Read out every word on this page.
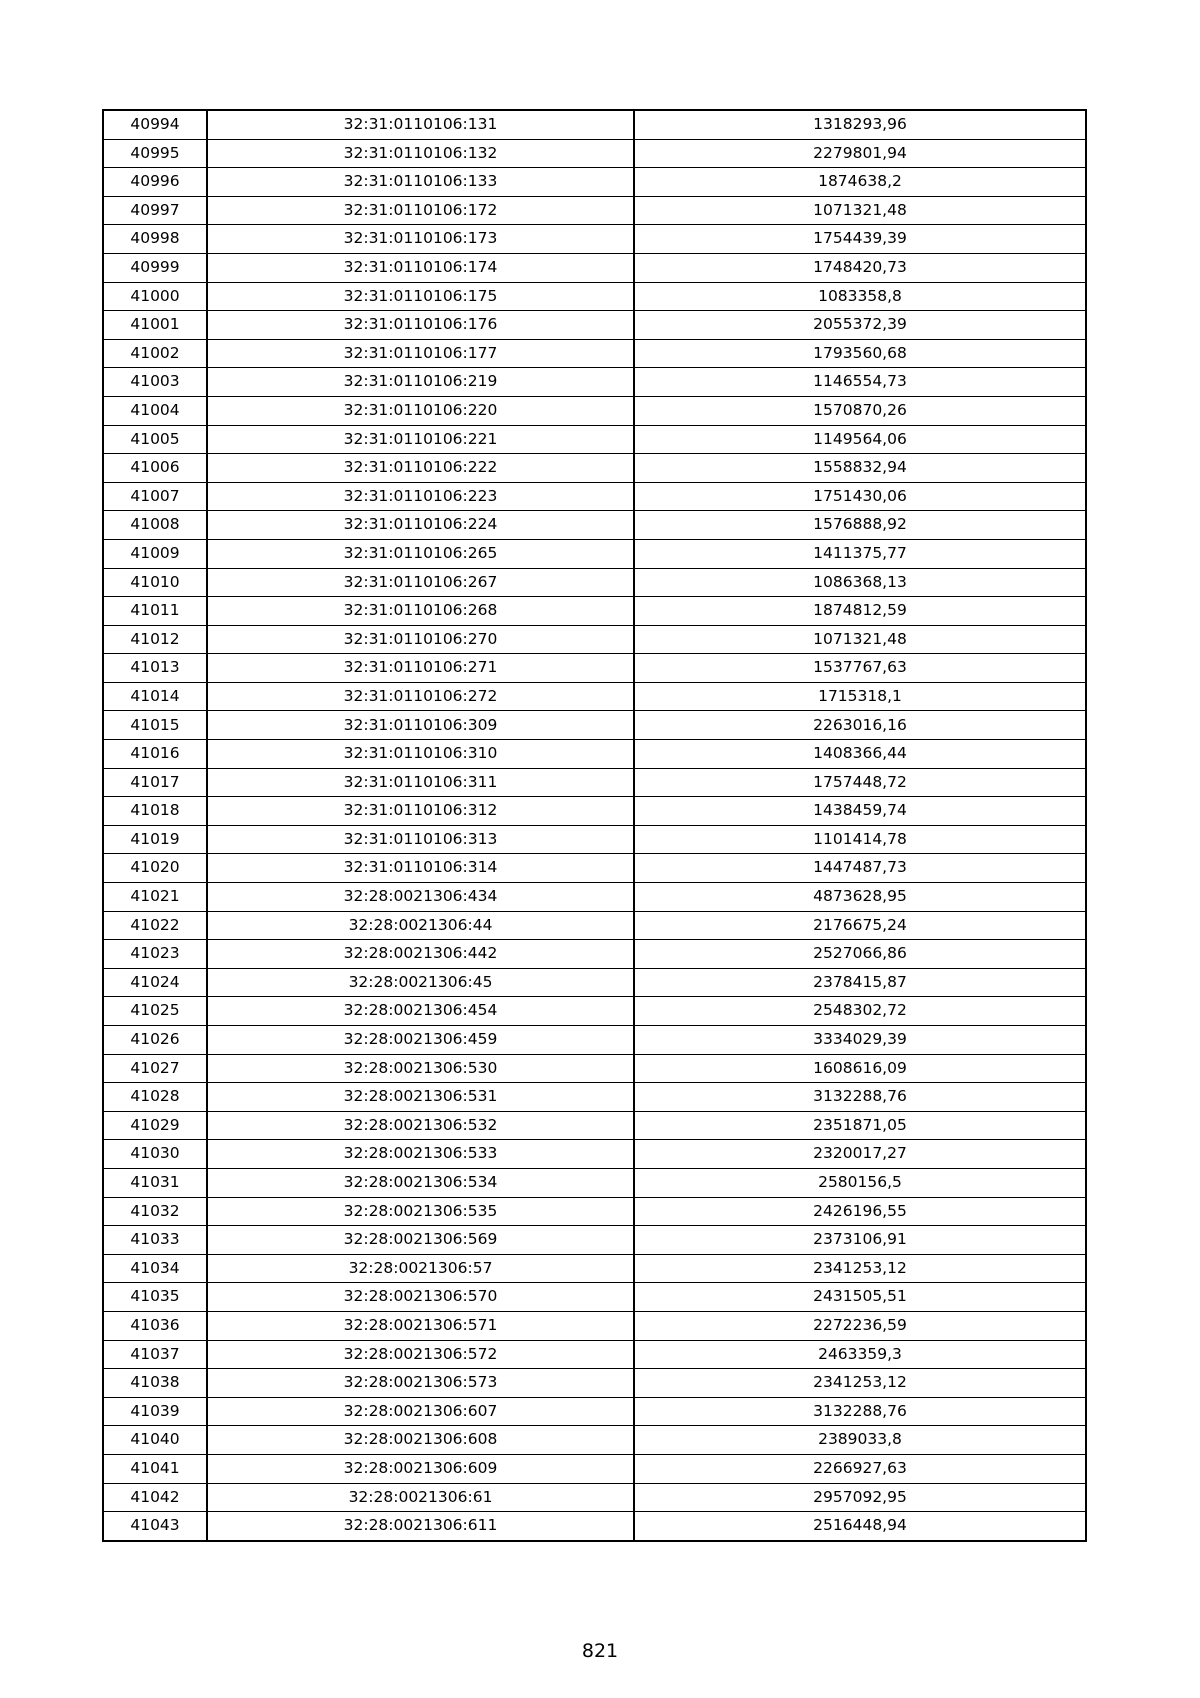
40994	32:31:0110106:131	1318293,96
40995	32:31:0110106:132	2279801,94
40996	32:31:0110106:133	1874638,2
40997	32:31:0110106:172	1071321,48
40998	32:31:0110106:173	1754439,39
40999	32:31:0110106:174	1748420,73
41000	32:31:0110106:175	1083358,8
41001	32:31:0110106:176	2055372,39
41002	32:31:0110106:177	1793560,68
41003	32:31:0110106:219	1146554,73
41004	32:31:0110106:220	1570870,26
41005	32:31:0110106:221	1149564,06
41006	32:31:0110106:222	1558832,94
41007	32:31:0110106:223	1751430,06
41008	32:31:0110106:224	1576888,92
41009	32:31:0110106:265	1411375,77
41010	32:31:0110106:267	1086368,13
41011	32:31:0110106:268	1874812,59
41012	32:31:0110106:270	1071321,48
41013	32:31:0110106:271	1537767,63
41014	32:31:0110106:272	1715318,1
41015	32:31:0110106:309	2263016,16
41016	32:31:0110106:310	1408366,44
41017	32:31:0110106:311	1757448,72
41018	32:31:0110106:312	1438459,74
41019	32:31:0110106:313	1101414,78
41020	32:31:0110106:314	1447487,73
41021	32:28:0021306:434	4873628,95
41022	32:28:0021306:44	2176675,24
41023	32:28:0021306:442	2527066,86
41024	32:28:0021306:45	2378415,87
41025	32:28:0021306:454	2548302,72
41026	32:28:0021306:459	3334029,39
41027	32:28:0021306:530	1608616,09
41028	32:28:0021306:531	3132288,76
41029	32:28:0021306:532	2351871,05
41030	32:28:0021306:533	2320017,27
41031	32:28:0021306:534	2580156,5
41032	32:28:0021306:535	2426196,55
41033	32:28:0021306:569	2373106,91
41034	32:28:0021306:57	2341253,12
41035	32:28:0021306:570	2431505,51
41036	32:28:0021306:571	2272236,59
41037	32:28:0021306:572	2463359,3
41038	32:28:0021306:573	2341253,12
41039	32:28:0021306:607	3132288,76
41040	32:28:0021306:608	2389033,8
41041	32:28:0021306:609	2266927,63
41042	32:28:0021306:61	2957092,95
41043	32:28:0021306:611	2516448,94
821
